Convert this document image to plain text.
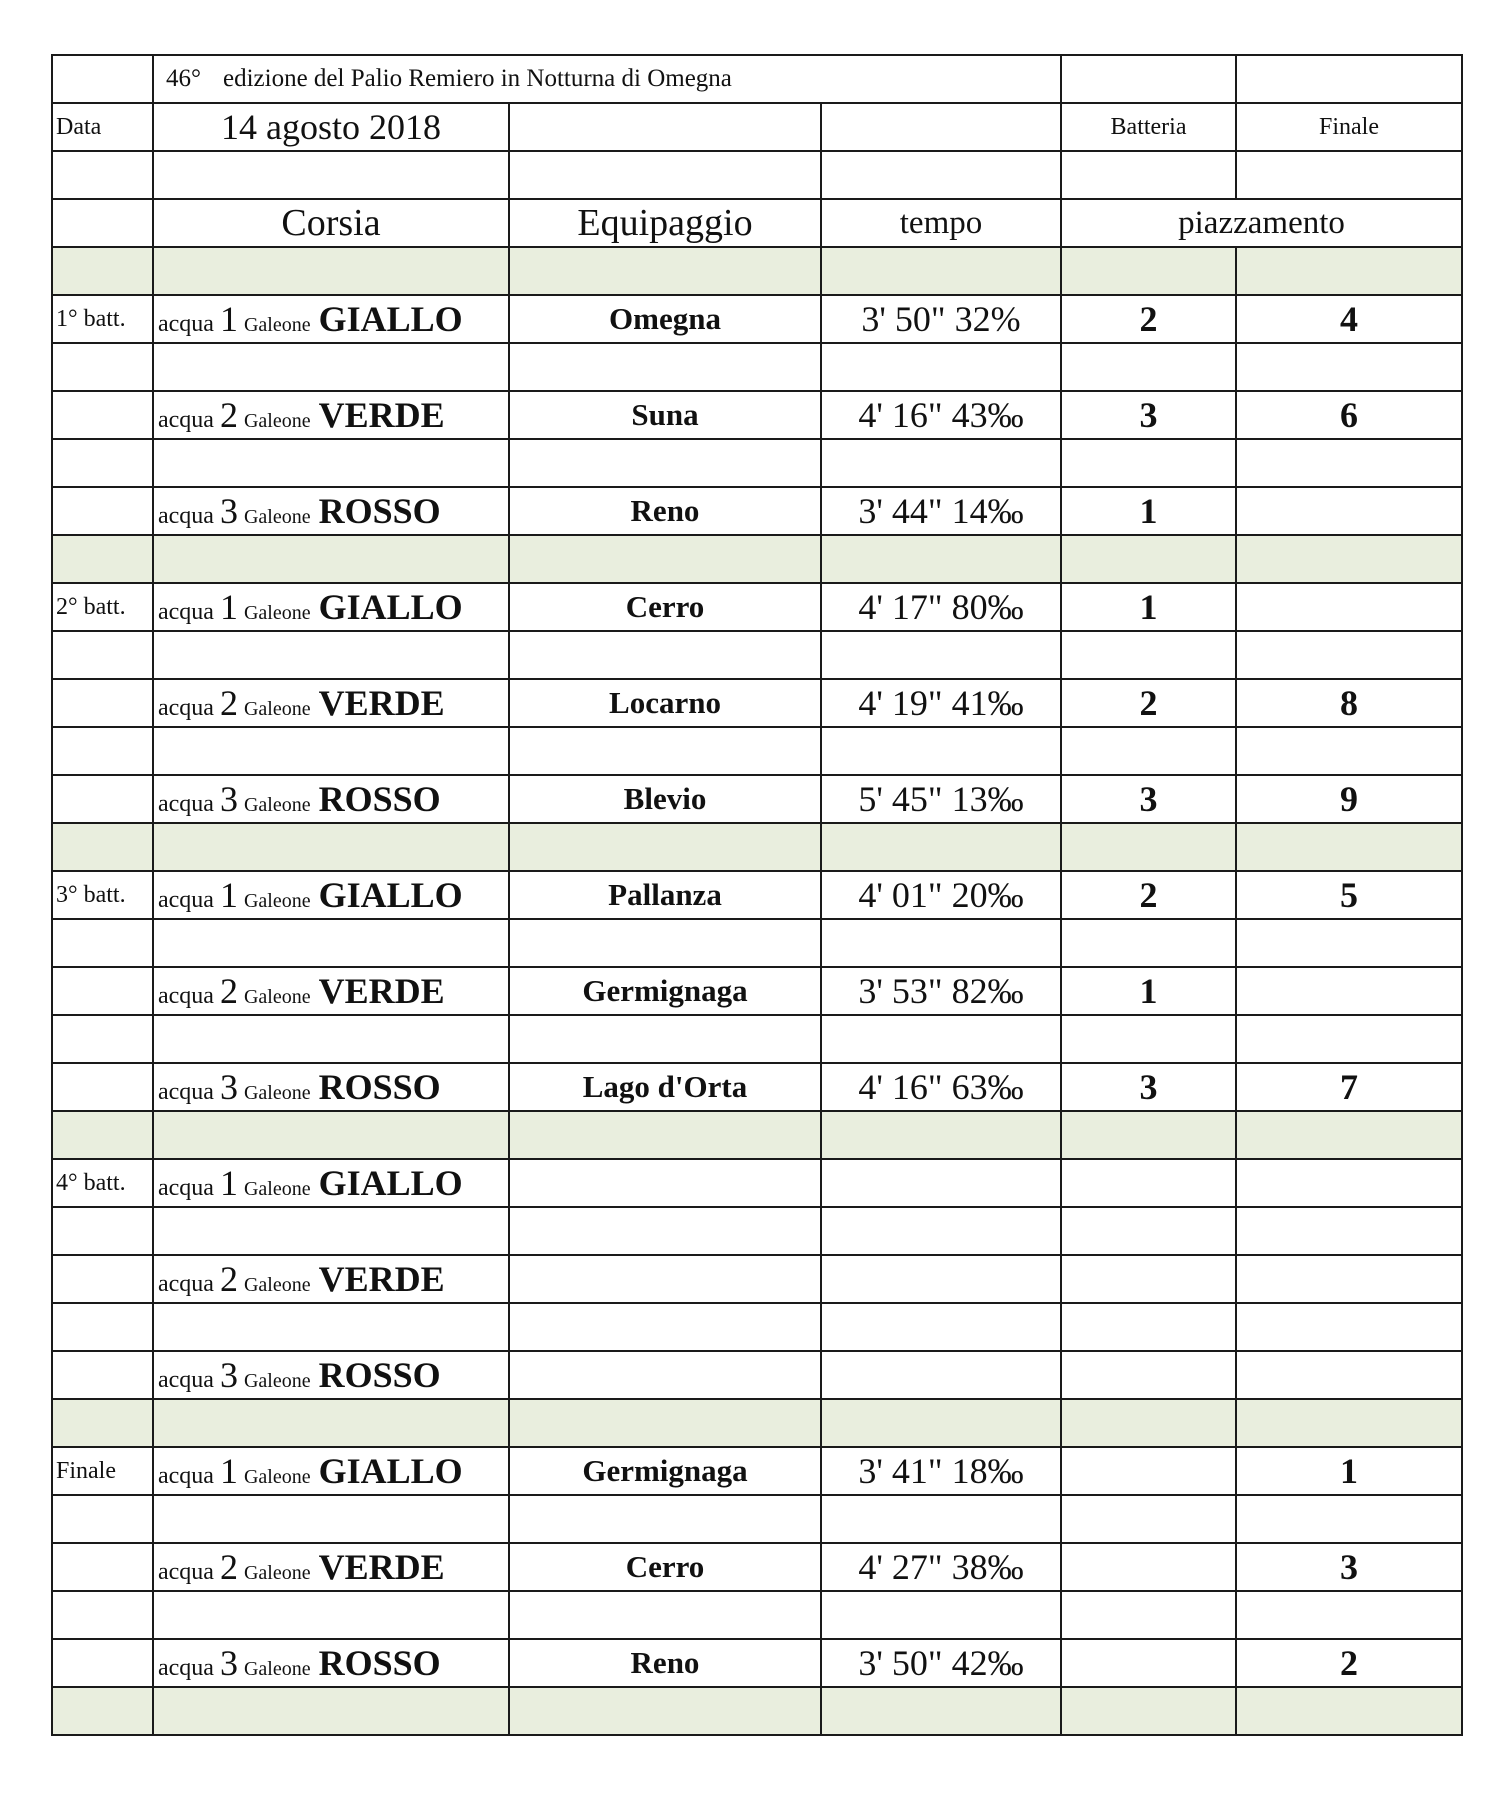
	46° edizione del Palio Remiero in Notturna di Omegna				
Data	14 agosto 2018			Batteria	Finale

	Corsia	Equipaggio	tempo	piazzamento	

1° batt.	acqua 1 Galeone GIALLO	Omegna	3' 50" 32%	2	4

	acqua 2 Galeone VERDE	Suna	4' 16" 43‰	3	6

	acqua 3 Galeone ROSSO	Reno	3' 44" 14‰	1	

2° batt.	acqua 1 Galeone GIALLO	Cerro	4' 17" 80‰	1	

	acqua 2 Galeone VERDE	Locarno	4' 19" 41‰	2	8

	acqua 3 Galeone ROSSO	Blevio	5' 45" 13‰	3	9

3° batt.	acqua 1 Galeone GIALLO	Pallanza	4' 01" 20‰	2	5

	acqua 2 Galeone VERDE	Germignaga	3' 53" 82‰	1	

	acqua 3 Galeone ROSSO	Lago d'Orta	4' 16" 63‰	3	7

4° batt.	acqua 1 Galeone GIALLO				

	acqua 2 Galeone VERDE				

	acqua 3 Galeone ROSSO				

Finale	acqua 1 Galeone GIALLO	Germignaga	3' 41" 18‰		1

	acqua 2 Galeone VERDE	Cerro	4' 27" 38‰		3

	acqua 3 Galeone ROSSO	Reno	3' 50" 42‰		2
